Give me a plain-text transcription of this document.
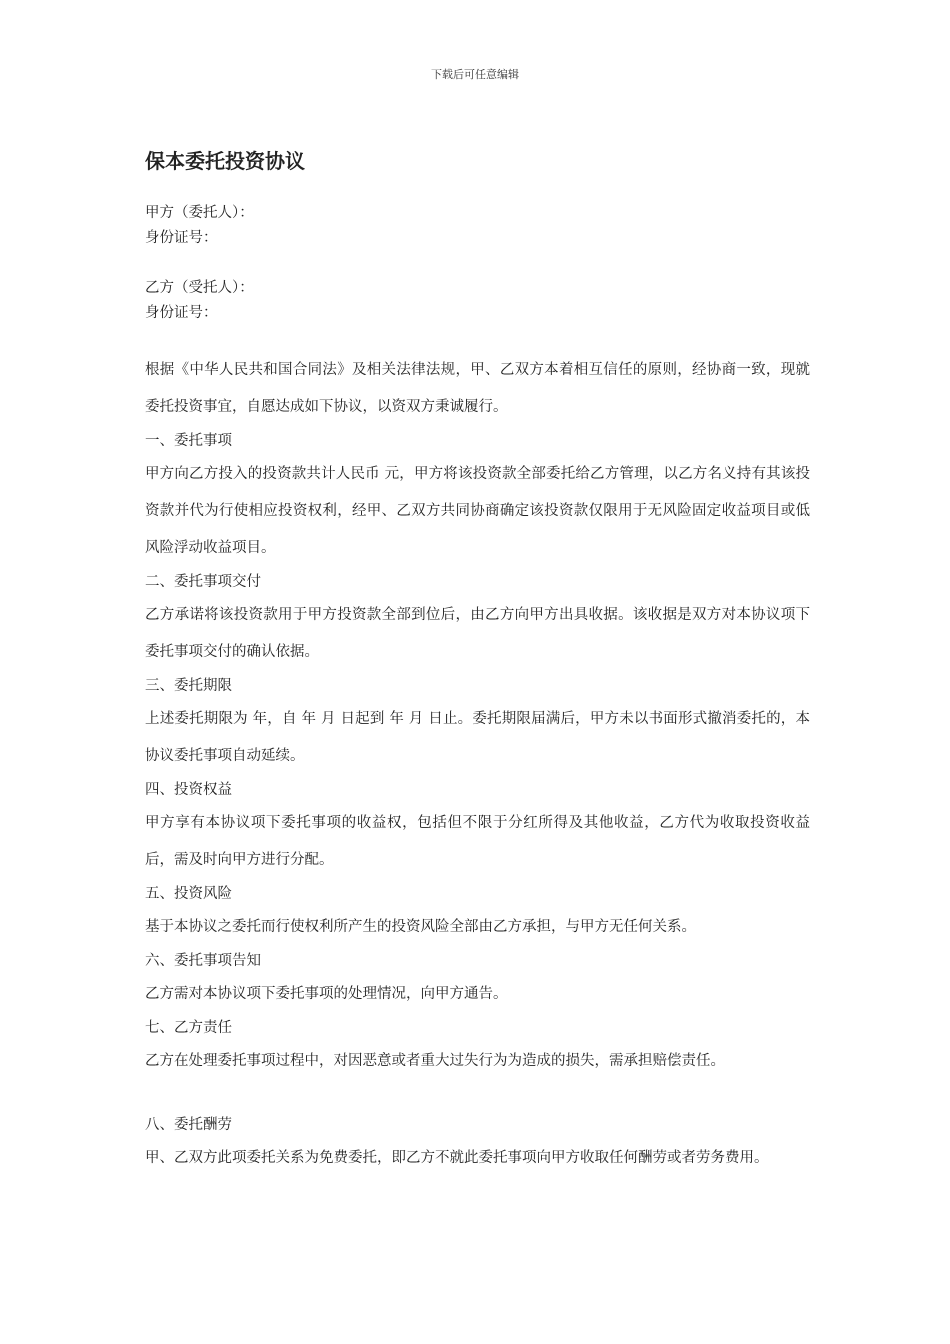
下载后可任意编辑
保本委托投资协议
甲方（委托人）：
身份证号：
乙方（受托人）：
身份证号：

根据《中华人民共和国合同法》及相关法律法规，甲、乙双方本着相互信任的原则，经协商一致，现就委托投资事宜，自愿达成如下协议，以资双方秉诚履行。

一、委托事项

甲方向乙方投入的投资款共计人民币 元，甲方将该投资款全部委托给乙方管理，以乙方名义持有其该投资款并代为行使相应投资权利，经甲、乙双方共同协商确定该投资款仅限用于无风险固定收益项目或低风险浮动收益项目。

二、委托事项交付

乙方承诺将该投资款用于甲方投资款全部到位后，由乙方向甲方出具收据。该收据是双方对本协议项下委托事项交付的确认依据。

三、委托期限

上述委托期限为 年，自 年 月 日起到 年 月 日止。委托期限届满后，甲方未以书面形式撤消委托的，本协议委托事项自动延续。

四、投资权益

甲方享有本协议项下委托事项的收益权，包括但不限于分红所得及其他收益，乙方代为收取投资收益后，需及时向甲方进行分配。

五、投资风险

基于本协议之委托而行使权利所产生的投资风险全部由乙方承担，与甲方无任何关系。

六、委托事项告知

乙方需对本协议项下委托事项的处理情况，向甲方通告。

七、乙方责任

乙方在处理委托事项过程中，对因恶意或者重大过失行为为造成的损失，需承担赔偿责任。

八、委托酬劳

甲、乙双方此项委托关系为免费委托，即乙方不就此委托事项向甲方收取任何酬劳或者劳务费用。
